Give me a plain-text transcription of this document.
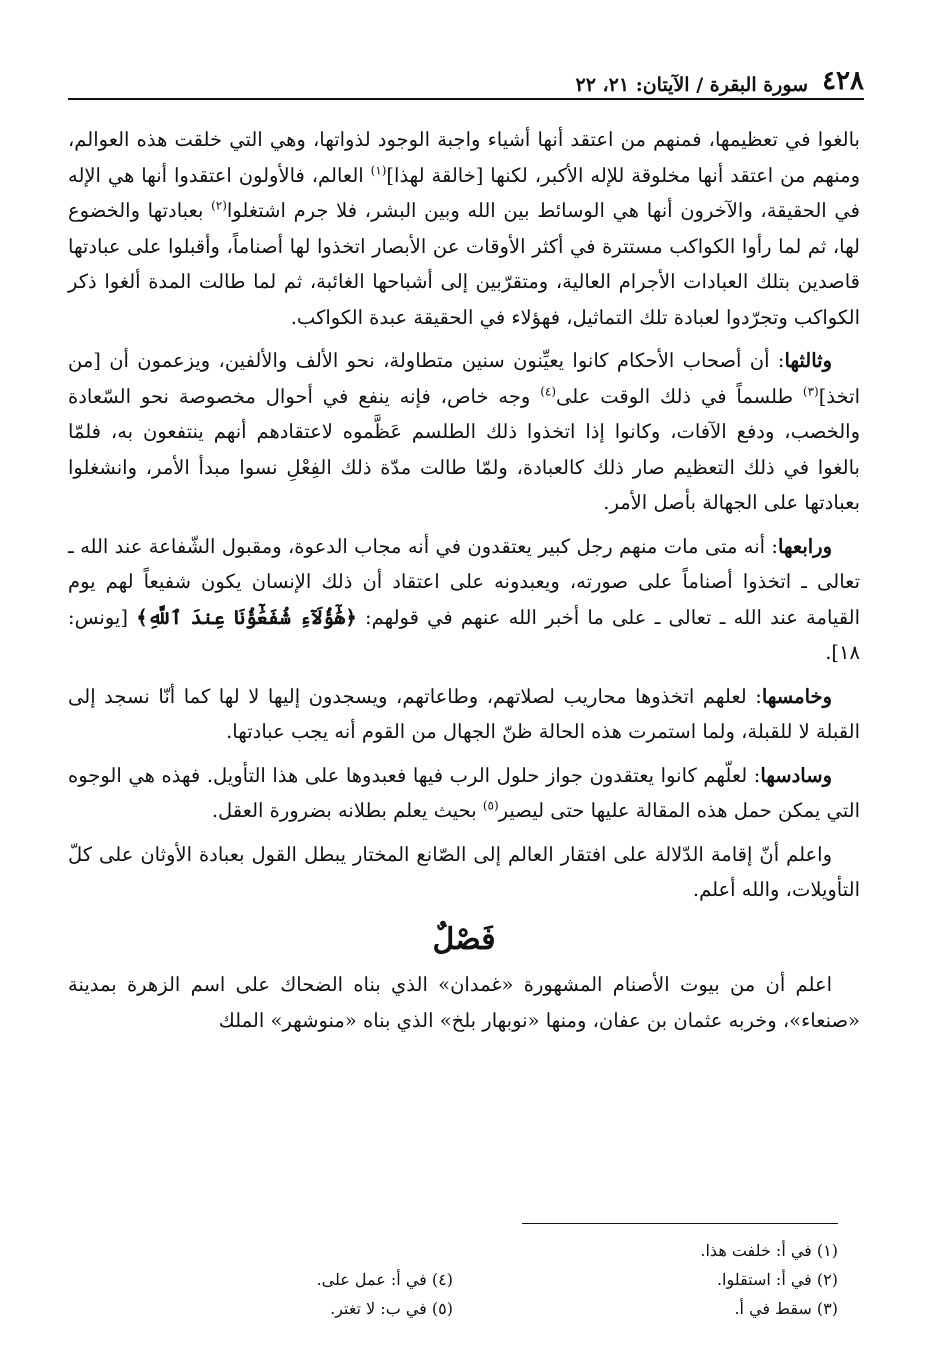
٤٢٨
سورة البقرة / الآيتان: ٢١، ٢٢

بالغوا في تعظيمها، فمنهم من اعتقد أنها أشياء واجبة الوجود لذواتها، وهي التي خلقت هذه العوالم، ومنهم من اعتقد أنها مخلوقة للإله الأكبر، لكنها [خالقة لهذا]$^{(١)}$ العالم، فالأولون اعتقدوا أنها هي الإله في الحقيقة، والآخرون أنها هي الوسائط بين الله وبين البشر، فلا جرم اشتغلوا$^{(٢)}$ بعبادتها والخضوع لها، ثم لما رأوا الكواكب مستترة في أكثر الأوقات عن الأبصار اتخذوا لها أصناماً، وأقبلوا على عبادتها قاصدين بتلك العبادات الأجرام العالية، ومتقرّبين إلى أشباحها الغائبة، ثم لما طالت المدة ألغوا ذكر الكواكب وتجرّدوا لعبادة تلك التماثيل، فهؤلاء في الحقيقة عبدة الكواكب.

وثالثها: أن أصحاب الأحكام كانوا يعيِّنون سنين متطاولة، نحو الألف والألفين، ويزعمون أن [من اتخذ]$^{(٣)}$ طلسماً في ذلك الوقت على$^{(٤)}$ وجه خاص، فإنه ينفع في أحوال مخصوصة نحو السّعادة والخصب، ودفع الآفات، وكانوا إذا اتخذوا ذلك الطلسم عَظَّموه لاعتقادهم أنهم ينتفعون به، فلمّا بالغوا في ذلك التعظيم صار ذلك كالعبادة، ولمّا طالت مدّة ذلك الفِعْلِ نسوا مبدأ الأمر، وانشغلوا بعبادتها على الجهالة بأصل الأمر.

ورابعها: أنه متى مات منهم رجل كبير يعتقدون في أنه مجاب الدعوة، ومقبول الشّفاعة عند الله ـ تعالى ـ اتخذوا أصناماً على صورته، ويعبدونه على اعتقاد أن ذلك الإنسان يكون شفيعاً لهم يوم القيامة عند الله ـ تعالى ـ على ما أخبر الله عنهم في قولهم: ﴿هَٰٓؤُلَآءِ شُفَعَٰٓؤُنَا عِندَ ٱللَّهِ﴾ [يونس: ١٨].

وخامسها: لعلهم اتخذوها محاريب لصلاتهم، وطاعاتهم، ويسجدون إليها لا لها كما أنّا نسجد إلى القبلة لا للقبلة، ولما استمرت هذه الحالة ظنّ الجهال من القوم أنه يجب عبادتها.

وسادسها: لعلّهم كانوا يعتقدون جواز حلول الرب فيها فعبدوها على هذا التأويل. فهذه هي الوجوه التي يمكن حمل هذه المقالة عليها حتى ليصير$^{(٥)}$ بحيث يعلم بطلانه بضرورة العقل.

واعلم أنّ إقامة الدّلالة على افتقار العالم إلى الصّانع المختار يبطل القول بعبادة الأوثان على كلّ التأويلات، والله أعلم.

فَصْلٌ

اعلم أن من بيوت الأصنام المشهورة «غمدان» الذي بناه الضحاك على اسم الزهرة بمدينة «صنعاء»، وخربه عثمان بن عفان، ومنها «نوبهار بلخ» الذي بناه «منوشهر» الملك

(١) في أ: خلفت هذا.
(٢) في أ: استقلوا.
(٤) في أ: عمل على.
(٣) سقط في أ.
(٥) في ب: لا تغتر.
